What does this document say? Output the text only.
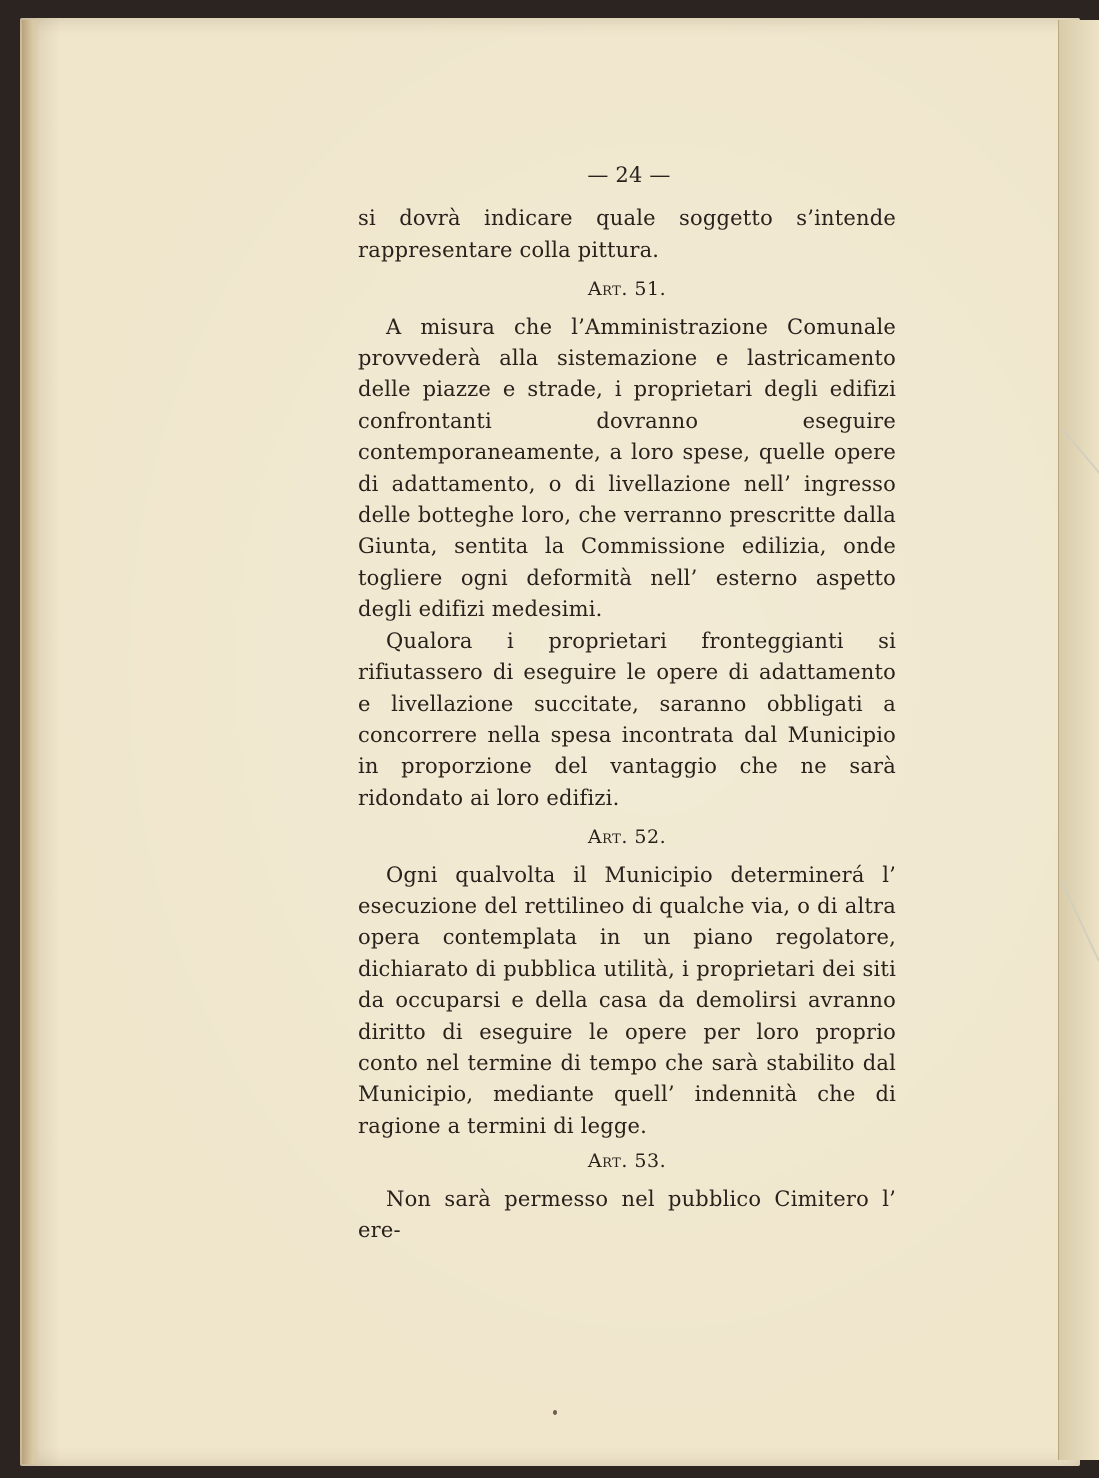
— 24 —

si dovrà indicare quale soggetto s’intende rappresentare colla pittura.

Art. 51.

A misura che l’Amministrazione Comunale provvederà alla sistemazione e lastricamento delle piazze e strade, i proprietari degli edifizi confrontanti dovranno eseguire contemporaneamente, a loro spese, quelle opere di adattamento, o di livellazione nell’ ingresso delle botteghe loro, che verranno prescritte dalla Giunta, sentita la Commissione edilizia, onde togliere ogni deformità nell’ esterno aspetto degli edifizi medesimi.

Qualora i proprietari fronteggianti si rifiutassero di eseguire le opere di adattamento e livellazione succitate, saranno obbligati a concorrere nella spesa incontrata dal Municipio in proporzione del vantaggio che ne sarà ridondato ai loro edifizi.

Art. 52.

Ogni qualvolta il Municipio determinerá l’ esecuzione del rettilineo di qualche via, o di altra opera contemplata in un piano regolatore, dichiarato di pubblica utilità, i proprietari dei siti da occuparsi e della casa da demolirsi avranno diritto di eseguire le opere per loro proprio conto nel termine di tempo che sarà stabilito dal Municipio, mediante quell’ indennità che di ragione a termini di legge.

Art. 53.

Non sarà permesso nel pubblico Cimitero l’ ere-
